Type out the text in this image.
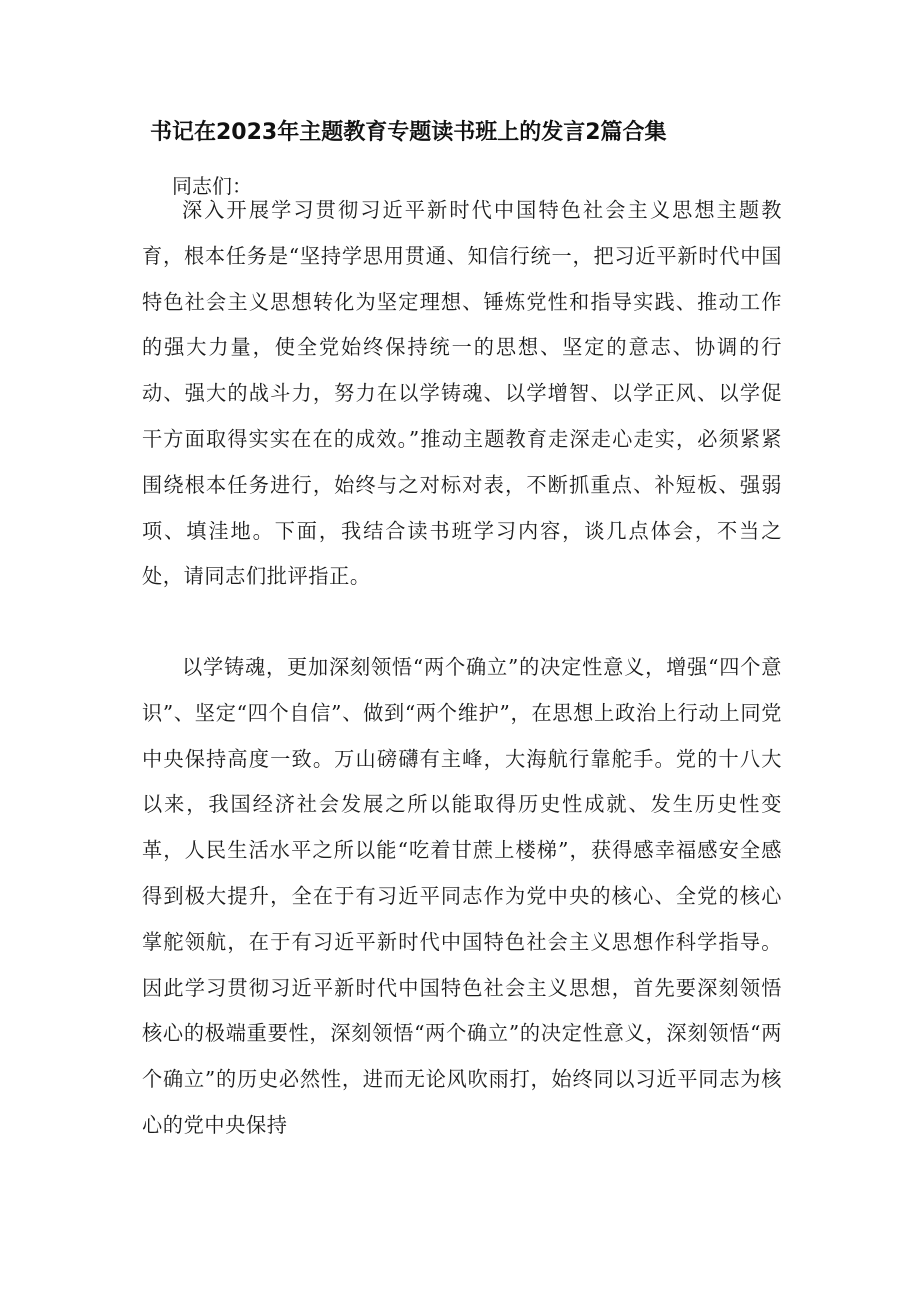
书记在2023年主题教育专题读书班上的发言2篇合集
同志们：
深入开展学习贯彻习近平新时代中国特色社会主义思想主题教育，根本任务是“坚持学思用贯通、知信行统一，把习近平新时代中国特色社会主义思想转化为坚定理想、锤炼党性和指导实践、推动工作的强大力量，使全党始终保持统一的思想、坚定的意志、协调的行动、强大的战斗力，努力在以学铸魂、以学增智、以学正风、以学促干方面取得实实在在的成效。”推动主题教育走深走心走实，必须紧紧围绕根本任务进行，始终与之对标对表，不断抓重点、补短板、强弱项、填洼地。下面，我结合读书班学习内容，谈几点体会，不当之处，请同志们批评指正。
以学铸魂，更加深刻领悟“两个确立”的决定性意义，增强“四个意识”、坚定“四个自信”、做到“两个维护”，在思想上政治上行动上同党中央保持高度一致。万山磅礴有主峰，大海航行靠舵手。党的十八大以来，我国经济社会发展之所以能取得历史性成就、发生历史性变革，人民生活水平之所以能“吃着甘蔗上楼梯”，获得感幸福感安全感得到极大提升，全在于有习近平同志作为党中央的核心、全党的核心掌舵领航，在于有习近平新时代中国特色社会主义思想作科学指导。因此学习贯彻习近平新时代中国特色社会主义思想，首先要深刻领悟核心的极端重要性，深刻领悟“两个确立”的决定性意义，深刻领悟“两个确立”的历史必然性，进而无论风吹雨打，始终同以习近平同志为核心的党中央保持
